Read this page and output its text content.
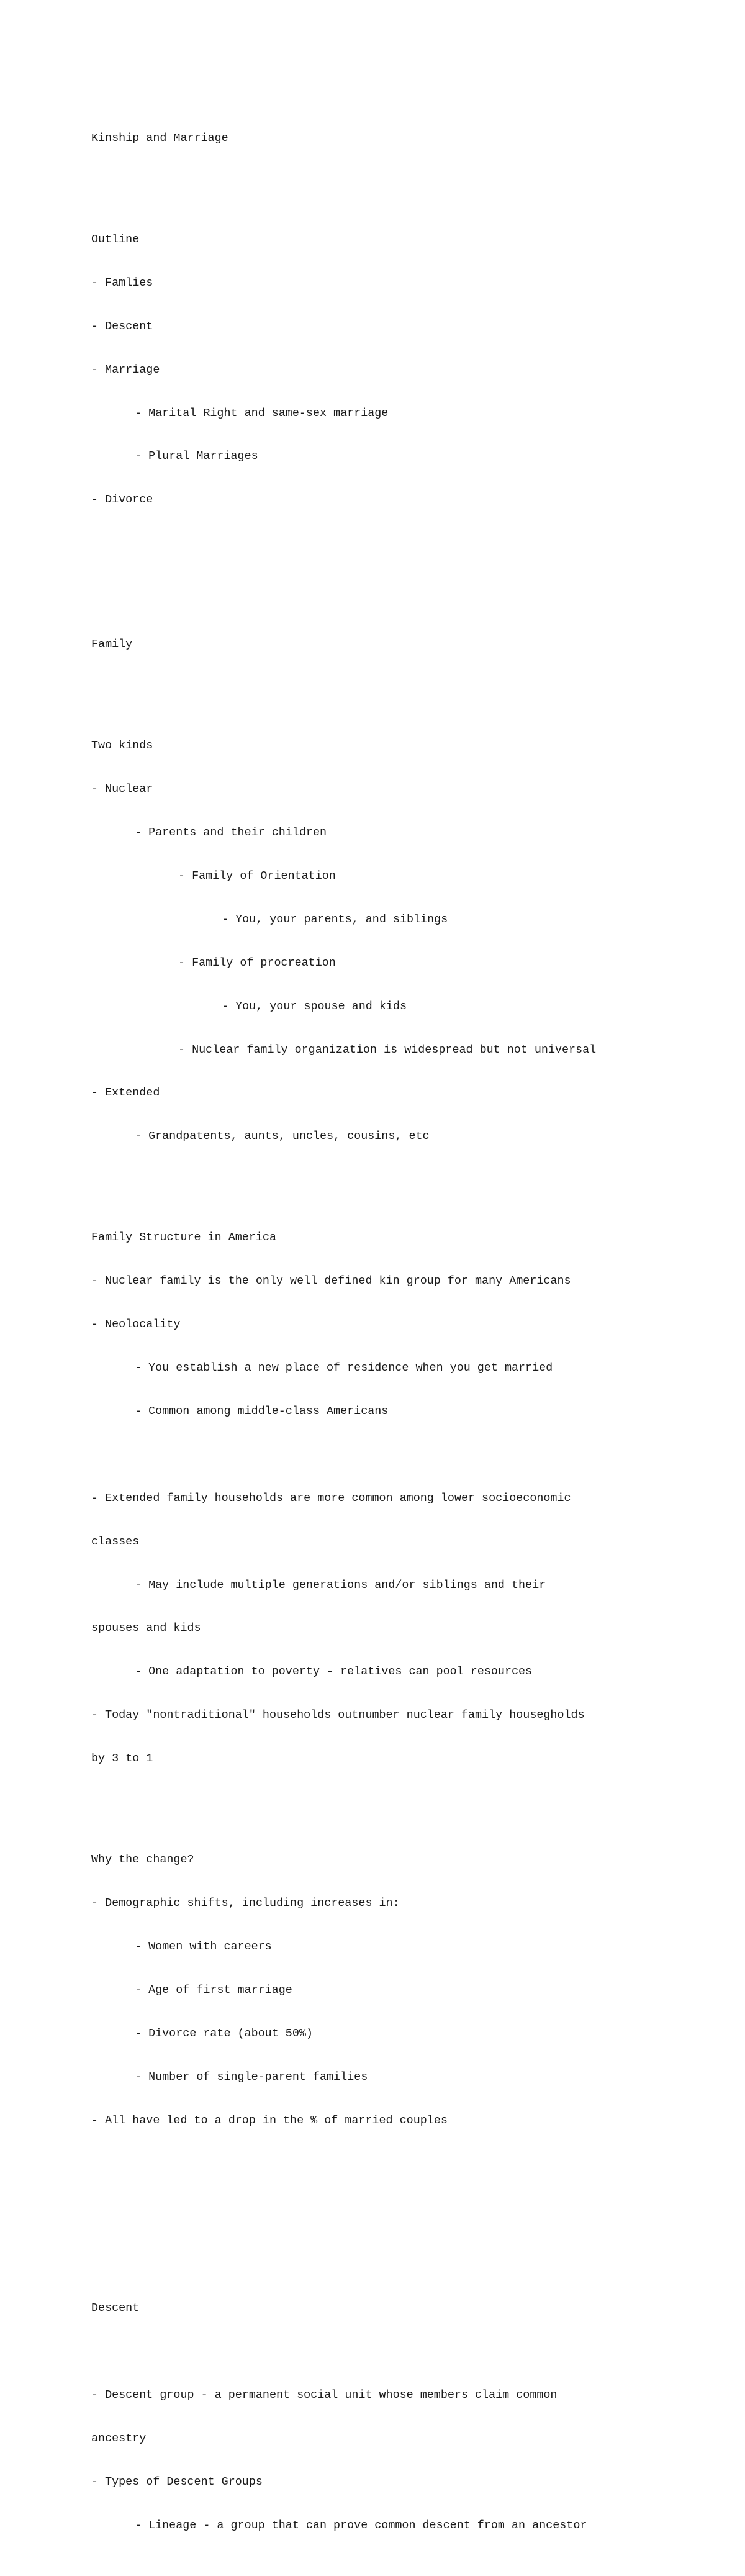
Kinship and Marriage

Outline

- Famlies

- Descent

- Marriage

- Marital Right and same-sex marriage

- Plural Marriages

- Divorce

Family

Two kinds

- Nuclear

- Parents and their children

- Family of Orientation

- You, your parents, and siblings

- Family of procreation

- You, your spouse and kids

- Nuclear family organization is widespread but not universal

- Extended

- Grandpatents, aunts, uncles, cousins, etc

Family Structure in America

- Nuclear family is the only well defined kin group for many Americans

- Neolocality

- You establish a new place of residence when you get married

- Common among middle-class Americans

- Extended family households are more common among lower socioeconomic

classes

- May include multiple generations and/or siblings and their

spouses and kids

- One adaptation to poverty - relatives can pool resources

- Today "nontraditional" households outnumber nuclear family housegholds

by 3 to 1

Why the change?

- Demographic shifts, including increases in:

- Women with careers

- Age of first marriage

- Divorce rate (about 50%)

- Number of single-parent families

- All have led to a drop in the % of married couples

Descent

- Descent group - a permanent social unit whose members claim common

ancestry

- Types of Descent Groups

- Lineage - a group that can prove common descent from an ancestor
